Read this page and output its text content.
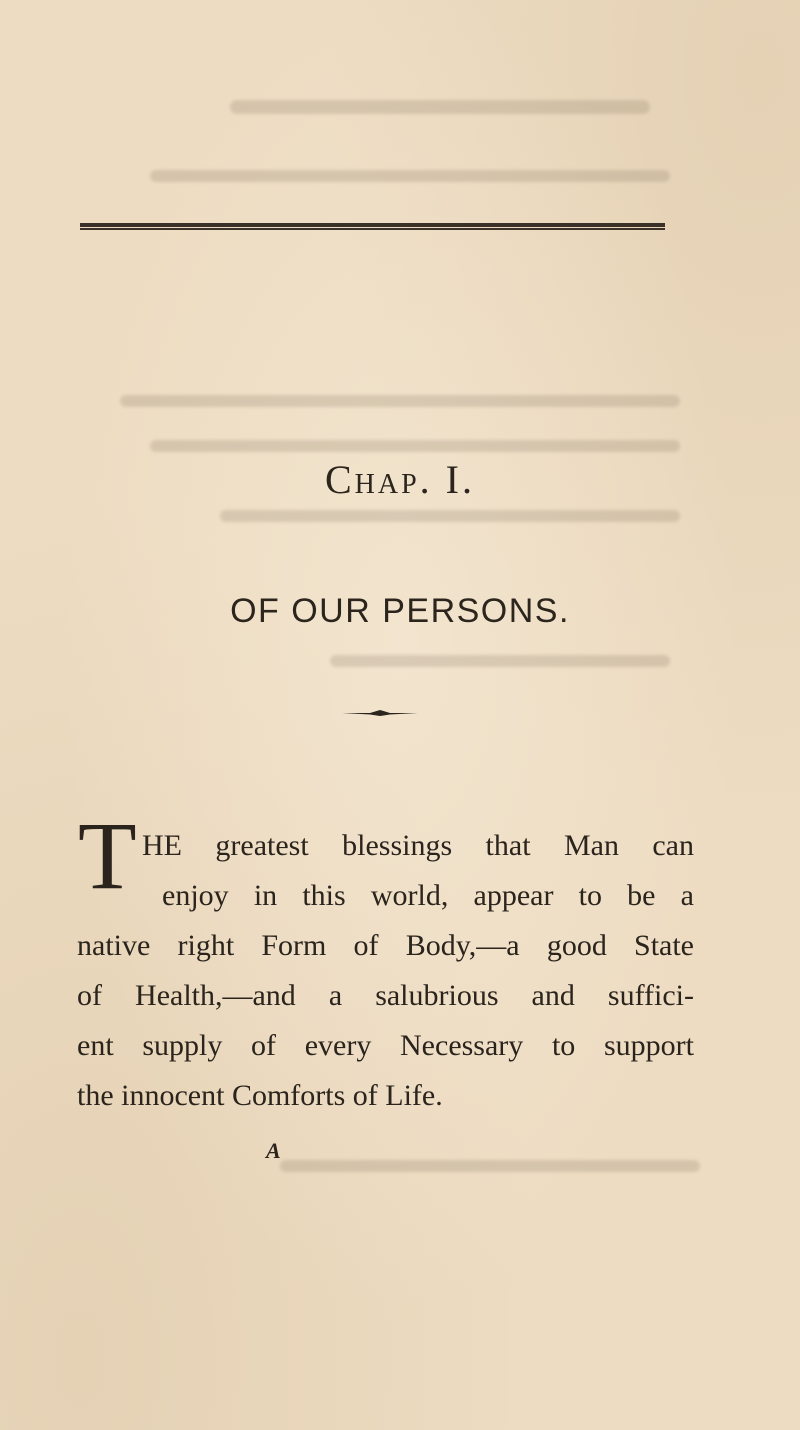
Chap. I.
OF OUR PERSONS.
T HE greatest blessings that Man can
enjoy in this world, appear to be a
native right Form of Body,—a good State
of Health,—and a salubrious and suffici-
ent supply of every Necessary to support
the innocent Comforts of Life.
A
